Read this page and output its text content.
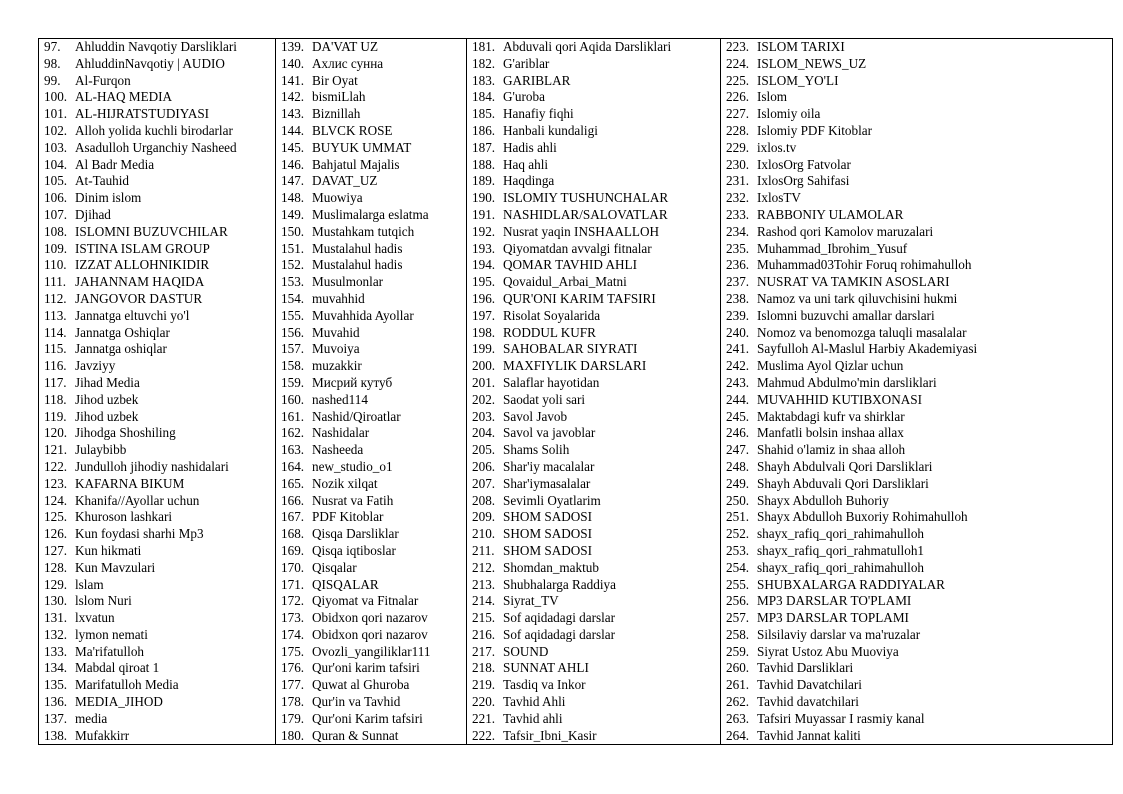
97. Ahluddin Navqotiy Darsliklari
98. AhluddinNavqotiy | AUDIO
99. Al-Furqon
100. AL-HAQ MEDIA
101. AL-HIJRATSTUDIYASI
102. Alloh yolida kuchli birodarlar
103. Asadulloh Urganchiy Nasheed
104. Al Badr Media
105. At-Tauhid
106. Dinim islom
107. Djihad
108. ISLOMNI BUZUVCHILAR
109. ISTINA ISLAM GROUP
110. IZZAT ALLOHNIKIDIR
111. JAHANNAM HAQIDA
112. JANGOVOR DASTUR
113. Jannatga eltuvchi yo'l
114. Jannatga Oshiqlar
115. Jannatga oshiqlar
116. Javziyy
117. Jihad Media
118. Jihod uzbek
119. Jihod uzbek
120. Jihodga Shoshiling
121. Julaybibb
122. Jundulloh jihodiy nashidalari
123. KAFARNA BIKUM
124. Khanifa//Ayollar uchun
125. Khuroson lashkari
126. Kun foydasi sharhi Mp3
127. Kun hikmati
128. Kun Mavzulari
129. lslam
130. lslom Nuri
131. lxvatun
132. lymon nemati
133. Ma'rifatulloh
134. Mabdal qiroat 1
135. Marifatulloh Media
136. MEDIA_JIHOD
137. media
138. Mufakkirr

139. DA'VAT UZ
140. Ахлис сунна
141. Bir Oyat
142. bismiLlah
143. Biznillah
144. BLVCK ROSE
145. BUYUK UMMAT
146. Bahjatul Majalis
147. DAVAT_UZ
148. Muowiya
149. Muslimalarga eslatma
150. Mustahkam tutqich
151. Mustalahul hadis
152. Mustalahul hadis
153. Musulmonlar
154. muvahhid
155. Muvahhida Ayollar
156. Muvahid
157. Muvoiya
158. muzakkir
159. Мисрий кутуб
160. nashed114
161. Nashid/Qiroatlar
162. Nashidalar
163. Nasheeda
164. new_studio_o1
165. Nozik xilqat
166. Nusrat va Fatih
167. PDF Kitoblar
168. Qisqa Darsliklar
169. Qisqa iqtiboslar
170. Qisqalar
171. QISQALAR
172. Qiyomat va Fitnalar
173. Obidxon qori nazarov
174. Obidxon qori nazarov
175. Ovozli_yangiliklar111
176. Qur'oni karim tafsiri
177. Quwat al Ghuroba
178. Qur'in va Tavhid
179. Qur'oni Karim tafsiri
180. Quran & Sunnat

181. Abduvali qori Aqida Darsliklari
182. G'ariblar
183. GARIBLAR
184. G'uroba
185. Hanafiy fiqhi
186. Hanbali kundaligi
187. Hadis ahli
188. Haq ahli
189. Haqdinga
190. ISLOMIY TUSHUNCHALAR
191. NASHIDLAR/SALOVATLAR
192. Nusrat yaqin INSHAALLOH
193. Qiyomatdan avvalgi fitnalar
194. QOMAR TAVHID AHLI
195. Qovaidul_Arbai_Matni
196. QUR'ONI KARIM TAFSIRI
197. Risolat Soyalarida
198. RODDUL KUFR
199. SAHOBALAR SIYRATI
200. MAXFIYLIK DARSLARI
201. Salaflar hayotidan
202. Saodat yoli sari
203. Savol Javob
204. Savol va javoblar
205. Shams Solih
206. Shar'iy macalalar
207. Shar'iymasalalar
208. Sevimli Oyatlarim
209. SHOM SADOSI
210. SHOM SADOSI
211. SHOM SADOSI
212. Shomdan_maktub
213. Shubhalarga Raddiya
214. Siyrat_TV
215. Sof aqidadagi darslar
216. Sof aqidadagi darslar
217. SOUND
218. SUNNAT AHLI
219. Tasdiq va Inkor
220. Tavhid Ahli
221. Tavhid ahli
222. Tafsir_Ibni_Kasir

223. ISLOM TARIXI
224. ISLOM_NEWS_UZ
225. ISLOM_YO'LI
226. Islom
227. Islomiy oila
228. Islomiy PDF Kitoblar
229. ixlos.tv
230. IxlosOrg Fatvolar
231. IxlosOrg Sahifasi
232. IxlosTV
233. RABBONIY ULAMOLAR
234. Rashod qori Kamolov maruzalari
235. Muhammad_Ibrohim_Yusuf
236. Muhammad03Tohir Foruq rohimahulloh
237. NUSRAT VA TAMKIN ASOSLARI
238. Namoz va uni tark qiluvchisini hukmi
239. Islomni buzuvchi amallar darslari
240. Nomoz va benomozga taluqli masalalar
241. Sayfulloh Al-Maslul Harbiy Akademiyasi
242. Muslima Ayol Qizlar uchun
243. Mahmud Abdulmo'min darsliklari
244. MUVAHHID KUTIBXONASI
245. Maktabdagi kufr va shirklar
246. Manfatli bolsin inshaa allax
247. Shahid o'lamiz in shaa alloh
248. Shayh Abdulvali Qori Darsliklari
249. Shayh Abduvali Qori Darsliklari
250. Shayx Abdulloh Buhoriy
251. Shayx Abdulloh Buxoriy Rohimahulloh
252. shayx_rafiq_qori_rahimahulloh
253. shayx_rafiq_qori_rahmatulloh1
254. shayx_rafiq_qori_rahimahulloh
255. SHUBXALARGA RADDIYALAR
256. MP3 DARSLAR TO'PLAMI
257. MP3 DARSLAR TOPLAMI
258. Silsilaviy darslar va ma'ruzalar
259. Siyrat Ustoz Abu Muoviya
260. Tavhid Darsliklari
261. Tavhid Davatchilari
262. Tavhid davatchilari
263. Tafsiri Muyassar I rasmiy kanal
264. Tavhid Jannat kaliti
